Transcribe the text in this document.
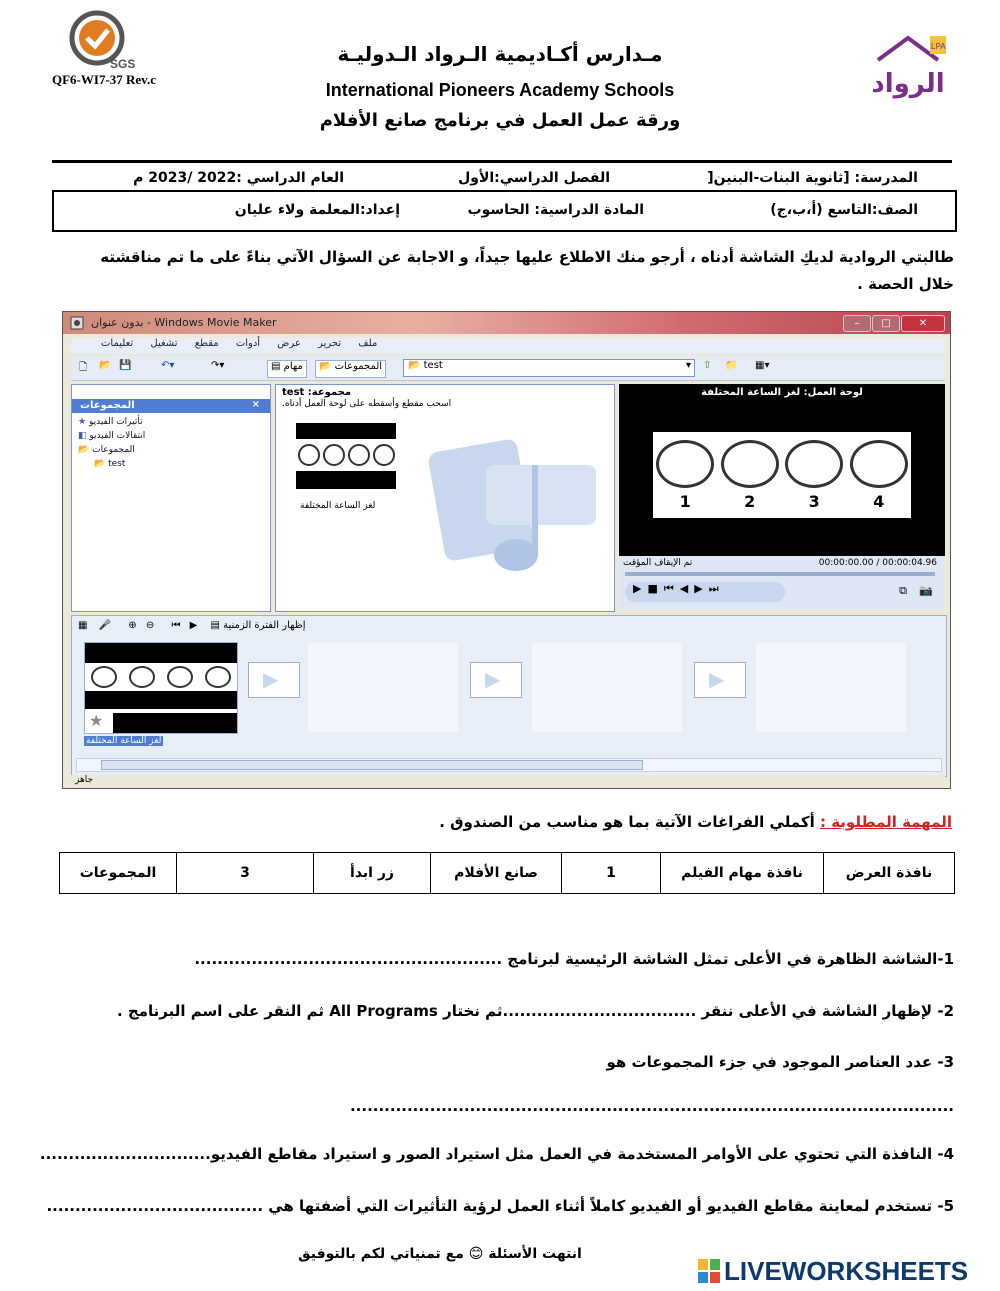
SGS
QF6-WI7-37 Rev.c
LPA
الرواد
مـدارس أكـاديمية الـرواد الـدوليـة
International Pioneers Academy Schools
ورقة عمل العمل في برنامج صانع الأفلام
المدرسة: [ثانوية البنات-البنين[
الفصل الدراسي:الأول
العام الدراسي :2022 /2023 م
الصف:التاسع (أ،ب،ج)
المادة الدراسية: الحاسوب
إعداد:المعلمة ولاء عليان
طالبتي الروادية لديكِ الشاشة أدناه ، أرجو منك الاطلاع عليها جيداً، و الاجابة عن السؤال الآتي بناءً على ما تم مناقشته خلال الحصة .
بدون عنوان - Windows Movie Maker	–	□	✕
ملف تحرير عرض أدوات مقطع تشغيل تعليمات
🗋 📂 💾	↶▾	↷▾	▤ مهام	📂 المجموعات	📂 test	▾ ⇧ 📁 ▦▾
المجموعات	×
★ تأثيرات الفيديو
◧ انتقالات الفيديو
📂 المجموعات
📂 test
مجموعة: test
اسحب مقطع وأسقطه على لوحة العمل أدناه.
لغز الساعة المختلفة
لوحة العمل: لغز الساعة المختلفة
1	2	3	4
تم الإيقاف المؤقت	00:00:00.00 / 00:00:04.96
▶■⏮◀▶⏭	⧉ 📷
▦ 🎤 ⊕ ⊖ ⏮ ▶ ▤ إظهار الفترة الزمنية
★
لغز الساعة المختلفة
▶	▶	▶
جاهز
المهمة المطلوبة : أكملي الفراغات الآتية بما هو مناسب من الصندوق .
نافذة العرض	نافذة مهام الفيلم	1	صانع الأفلام	زر ابدأ	3	المجموعات
1-الشاشة الظاهرة في الأعلى تمثل الشاشة الرئيسية لبرنامج ......................................................
2- لإظهار الشاشة في الأعلى ننقر ..................................ثم نختار All Programs ثم النقر على اسم البرنامج .
3- عدد العناصر الموجود في جزء المجموعات هو
..........................................................................................................
4- النافذة التي تحتوي على الأوامر المستخدمة في العمل مثل استيراد الصور و استيراد مقاطع الفيديو..............................
5- تستخدم لمعاينة مقاطع الفيديو أو الفيديو كاملاً أثناء العمل لرؤية التأثيرات التي أضفتها هي ......................................
انتهت الأسئلة 😊 مع تمنياتي لكم بالتوفيق
LIVEWORKSHEETS
